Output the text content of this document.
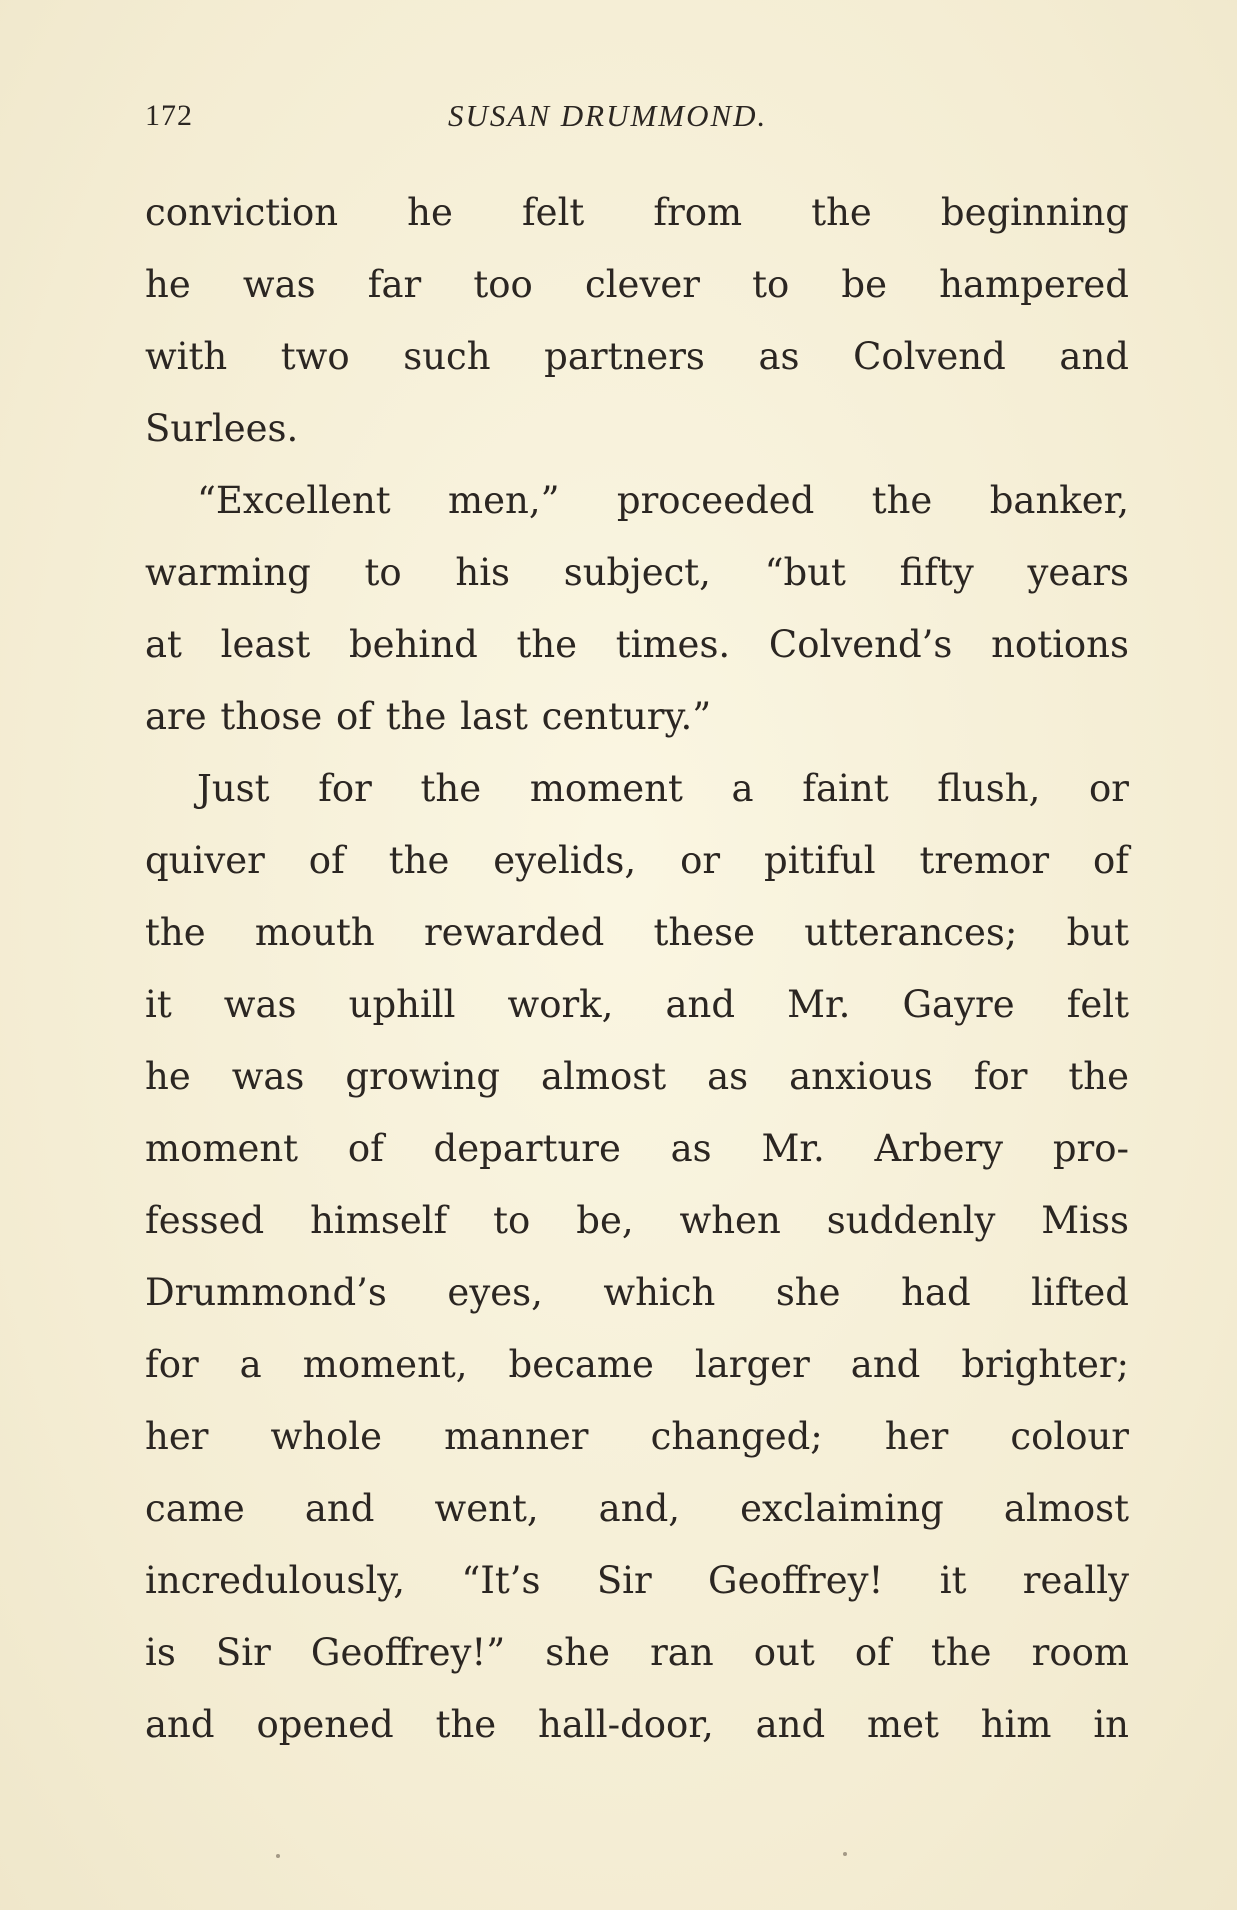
172	SUSAN DRUMMOND.
conviction he felt from the beginning
he was far too clever to be hampered
with two such partners as Colvend and
Surlees.
“Excellent men,” proceeded the banker,
warming to his subject, “but fifty years
at least behind the times. Colvend’s notions
are those of the last century.”
Just for the moment a faint flush, or
quiver of the eyelids, or pitiful tremor of
the mouth rewarded these utterances; but
it was uphill work, and Mr. Gayre felt
he was growing almost as anxious for the
moment of departure as Mr. Arbery pro-
fessed himself to be, when suddenly Miss
Drummond’s eyes, which she had lifted
for a moment, became larger and brighter;
her whole manner changed; her colour
came and went, and, exclaiming almost
incredulously, “It’s Sir Geoffrey! it really
is Sir Geoffrey!” she ran out of the room
and opened the hall-door, and met him in
